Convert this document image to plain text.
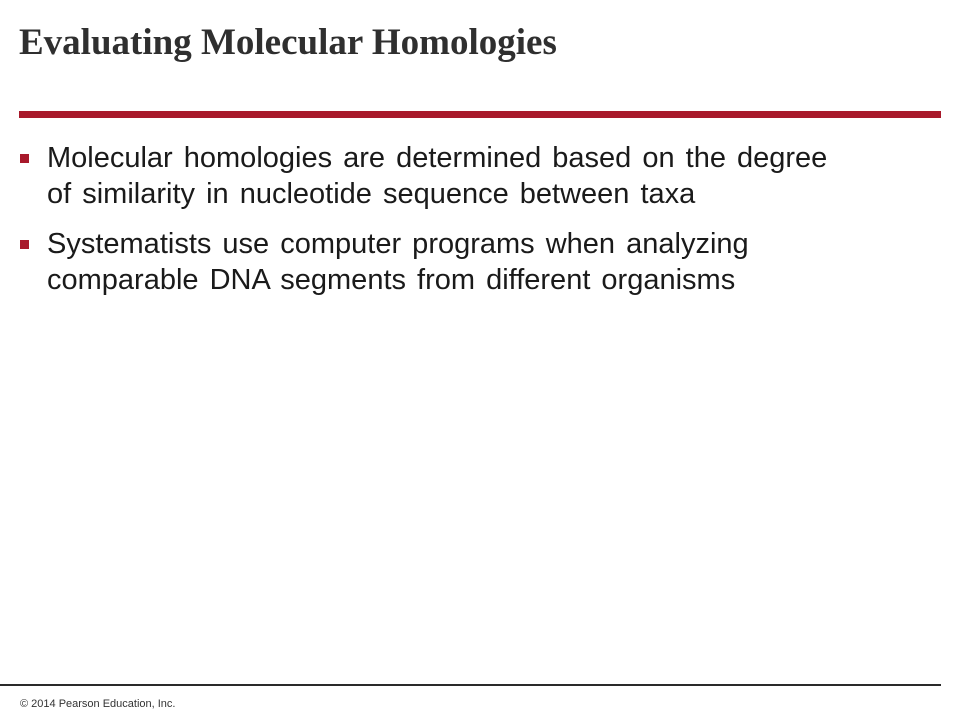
Evaluating Molecular Homologies
Molecular homologies are determined based on the degree of similarity in nucleotide sequence between taxa
Systematists use computer programs when analyzing comparable DNA segments from different organisms
© 2014 Pearson Education, Inc.
